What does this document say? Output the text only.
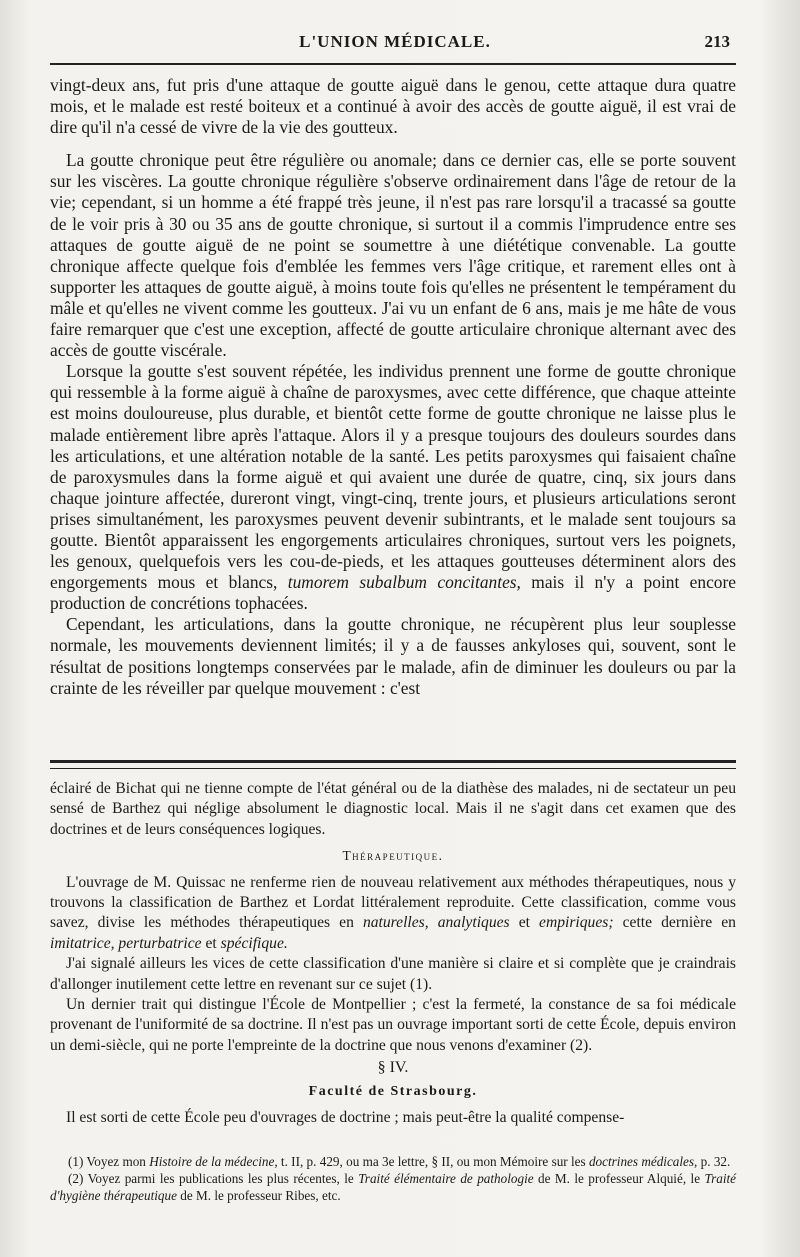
L'UNION MÉDICALE.	213

vingt-deux ans, fut pris d'une attaque de goutte aiguë dans le genou, cette attaque dura quatre mois, et le malade est resté boiteux et a continué à avoir des accès de goutte aiguë, il est vrai de dire qu'il n'a cessé de vivre de la vie des goutteux.

La goutte chronique peut être régulière ou anomale; dans ce dernier cas, elle se porte souvent sur les viscères. La goutte chronique régulière s'observe ordinairement dans l'âge de retour de la vie; cependant, si un homme a été frappé très jeune, il n'est pas rare lorsqu'il a tracassé sa goutte de le voir pris à 30 ou 35 ans de goutte chronique, si surtout il a commis l'imprudence entre ses attaques de goutte aiguë de ne point se soumettre à une diététique convenable. La goutte chronique affecte quelque fois d'emblée les femmes vers l'âge critique, et rarement elles ont à supporter les attaques de goutte aiguë, à moins toute fois qu'elles ne présentent le tempérament du mâle et qu'elles ne vivent comme les goutteux. J'ai vu un enfant de 6 ans, mais je me hâte de vous faire remarquer que c'est une exception, affecté de goutte articulaire chronique alternant avec des accès de goutte viscérale.

Lorsque la goutte s'est souvent répétée, les individus prennent une forme de goutte chronique qui ressemble à la forme aiguë à chaîne de paroxysmes, avec cette différence, que chaque atteinte est moins douloureuse, plus durable, et bientôt cette forme de goutte chronique ne laisse plus le malade entièrement libre après l'attaque. Alors il y a presque toujours des douleurs sourdes dans les articulations, et une altération notable de la santé. Les petits paroxysmes qui faisaient chaîne de paroxysmules dans la forme aiguë et qui avaient une durée de quatre, cinq, six jours dans chaque jointure affectée, dureront vingt, vingt-cinq, trente jours, et plusieurs articulations seront prises simultanément, les paroxysmes peuvent devenir subintrants, et le malade sent toujours sa goutte. Bientôt apparaissent les engorgements articulaires chroniques, surtout vers les poignets, les genoux, quelquefois vers les cou-de-pieds, et les attaques goutteuses déterminent alors des engorgements mous et blancs, tumorem subalbum concitantes, mais il n'y a point encore production de concrétions tophacées.

Cependant, les articulations, dans la goutte chronique, ne récupèrent plus leur souplesse normale, les mouvements deviennent limités; il y a de fausses ankyloses qui, souvent, sont le résultat de positions longtemps conservées par le malade, afin de diminuer les douleurs ou par la crainte de les réveiller par quelque mouvement : c'est

éclairé de Bichat qui ne tienne compte de l'état général ou de la diathèse des malades, ni de sectateur un peu sensé de Barthez qui néglige absolument le diagnostic local. Mais il ne s'agit dans cet examen que des doctrines et de leurs conséquences logiques.

Thérapeutique.

L'ouvrage de M. Quissac ne renferme rien de nouveau relativement aux méthodes thérapeutiques, nous y trouvons la classification de Barthez et Lordat littéralement reproduite. Cette classification, comme vous savez, divise les méthodes thérapeutiques en naturelles, analytiques et empiriques; cette dernière en imitatrice, perturbatrice et spécifique.

J'ai signalé ailleurs les vices de cette classification d'une manière si claire et si complète que je craindrais d'allonger inutilement cette lettre en revenant sur ce sujet (1).

Un dernier trait qui distingue l'École de Montpellier ; c'est la fermeté, la constance de sa foi médicale provenant de l'uniformité de sa doctrine. Il n'est pas un ouvrage important sorti de cette École, depuis environ un demi-siècle, qui ne porte l'empreinte de la doctrine que nous venons d'examiner (2).

§ IV.

Faculté de Strasbourg.

Il est sorti de cette École peu d'ouvrages de doctrine ; mais peut-être la qualité compense-

(1) Voyez mon Histoire de la médecine, t. II, p. 429, ou ma 3e lettre, § II, ou mon Mémoire sur les doctrines médicales, p. 32.

(2) Voyez parmi les publications les plus récentes, le Traité élémentaire de pathologie de M. le professeur Alquié, le Traité d'hygiène thérapeutique de M. le professeur Ribes, etc.
